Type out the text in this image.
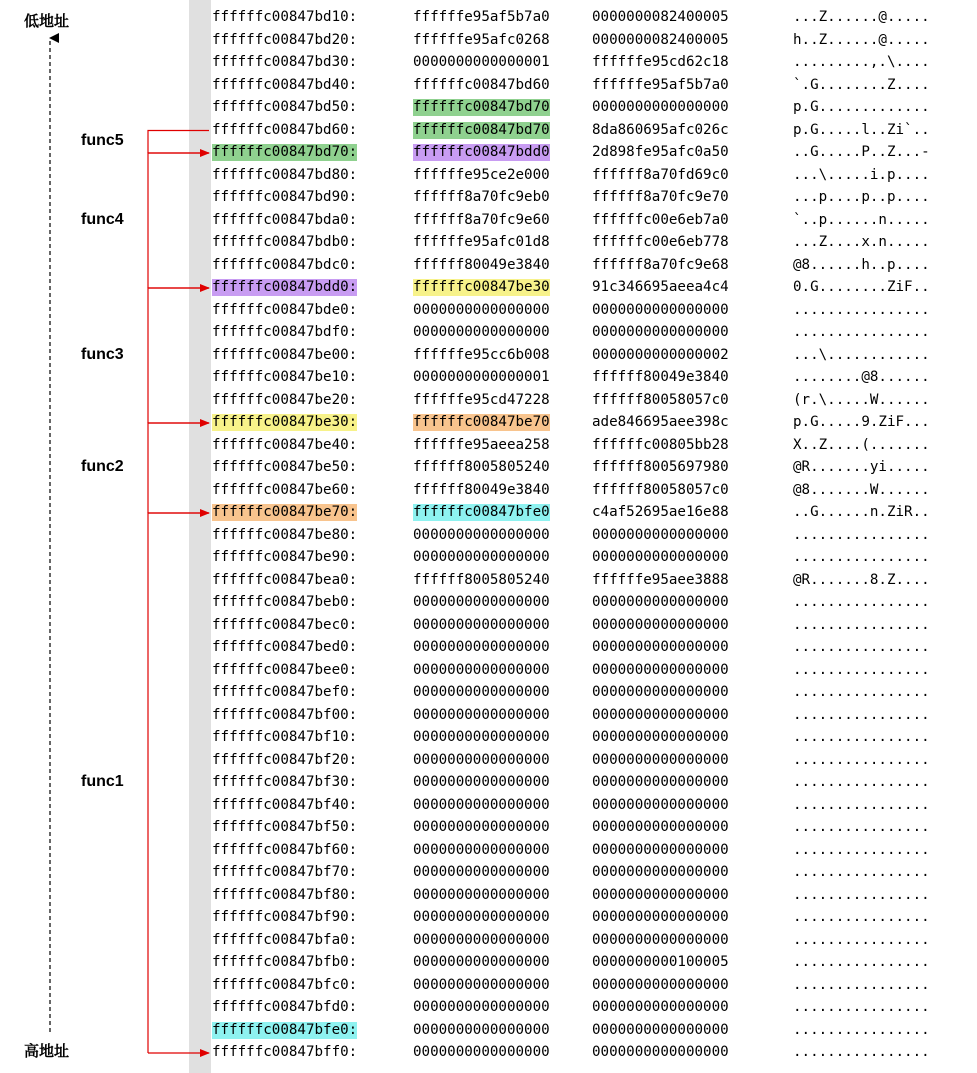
低地址
高地址
func5
func4
func3
func2
func1
ffffffc00847bd10:	ffffffe95af5b7a0	0000000082400005	...Z......@.....
ffffffc00847bd20:	ffffffe95afc0268	0000000082400005	h..Z......@.....
ffffffc00847bd30:	0000000000000001	ffffffe95cd62c18	.........,.\....
ffffffc00847bd40:	ffffffc00847bd60	ffffffe95af5b7a0	`.G........Z....
ffffffc00847bd50:	ffffffc00847bd70	0000000000000000	p.G.............
ffffffc00847bd60:	ffffffc00847bd70	8da860695afc026c	p.G.....l..Zi`..
ffffffc00847bd70:	ffffffc00847bdd0	2d898fe95afc0a50	..G.....P..Z...-
ffffffc00847bd80:	ffffffe95ce2e000	ffffff8a70fd69c0	...\.....i.p....
ffffffc00847bd90:	ffffff8a70fc9eb0	ffffff8a70fc9e70	...p....p..p....
ffffffc00847bda0:	ffffff8a70fc9e60	ffffffc00e6eb7a0	`..p......n.....
ffffffc00847bdb0:	ffffffe95afc01d8	ffffffc00e6eb778	...Z....x.n.....
ffffffc00847bdc0:	ffffff80049e3840	ffffff8a70fc9e68	@8......h..p....
ffffffc00847bdd0:	ffffffc00847be30	91c346695aeea4c4	0.G........ZiF..
ffffffc00847bde0:	0000000000000000	0000000000000000	................
ffffffc00847bdf0:	0000000000000000	0000000000000000	................
ffffffc00847be00:	ffffffe95cc6b008	0000000000000002	...\............
ffffffc00847be10:	0000000000000001	ffffff80049e3840	........@8......
ffffffc00847be20:	ffffffe95cd47228	ffffff80058057c0	(r.\.....W......
ffffffc00847be30:	ffffffc00847be70	ade846695aee398c	p.G.....9.ZiF...
ffffffc00847be40:	ffffffe95aeea258	ffffffc00805bb28	X..Z....(.......
ffffffc00847be50:	ffffff8005805240	ffffff8005697980	@R.......yi.....
ffffffc00847be60:	ffffff80049e3840	ffffff80058057c0	@8.......W......
ffffffc00847be70:	ffffffc00847bfe0	c4af52695ae16e88	..G......n.ZiR..
ffffffc00847be80:	0000000000000000	0000000000000000	................
ffffffc00847be90:	0000000000000000	0000000000000000	................
ffffffc00847bea0:	ffffff8005805240	ffffffe95aee3888	@R.......8.Z....
ffffffc00847beb0:	0000000000000000	0000000000000000	................
ffffffc00847bec0:	0000000000000000	0000000000000000	................
ffffffc00847bed0:	0000000000000000	0000000000000000	................
ffffffc00847bee0:	0000000000000000	0000000000000000	................
ffffffc00847bef0:	0000000000000000	0000000000000000	................
ffffffc00847bf00:	0000000000000000	0000000000000000	................
ffffffc00847bf10:	0000000000000000	0000000000000000	................
ffffffc00847bf20:	0000000000000000	0000000000000000	................
ffffffc00847bf30:	0000000000000000	0000000000000000	................
ffffffc00847bf40:	0000000000000000	0000000000000000	................
ffffffc00847bf50:	0000000000000000	0000000000000000	................
ffffffc00847bf60:	0000000000000000	0000000000000000	................
ffffffc00847bf70:	0000000000000000	0000000000000000	................
ffffffc00847bf80:	0000000000000000	0000000000000000	................
ffffffc00847bf90:	0000000000000000	0000000000000000	................
ffffffc00847bfa0:	0000000000000000	0000000000000000	................
ffffffc00847bfb0:	0000000000000000	0000000000100005	................
ffffffc00847bfc0:	0000000000000000	0000000000000000	................
ffffffc00847bfd0:	0000000000000000	0000000000000000	................
ffffffc00847bfe0:	0000000000000000	0000000000000000	................
ffffffc00847bff0:	0000000000000000	0000000000000000	................
